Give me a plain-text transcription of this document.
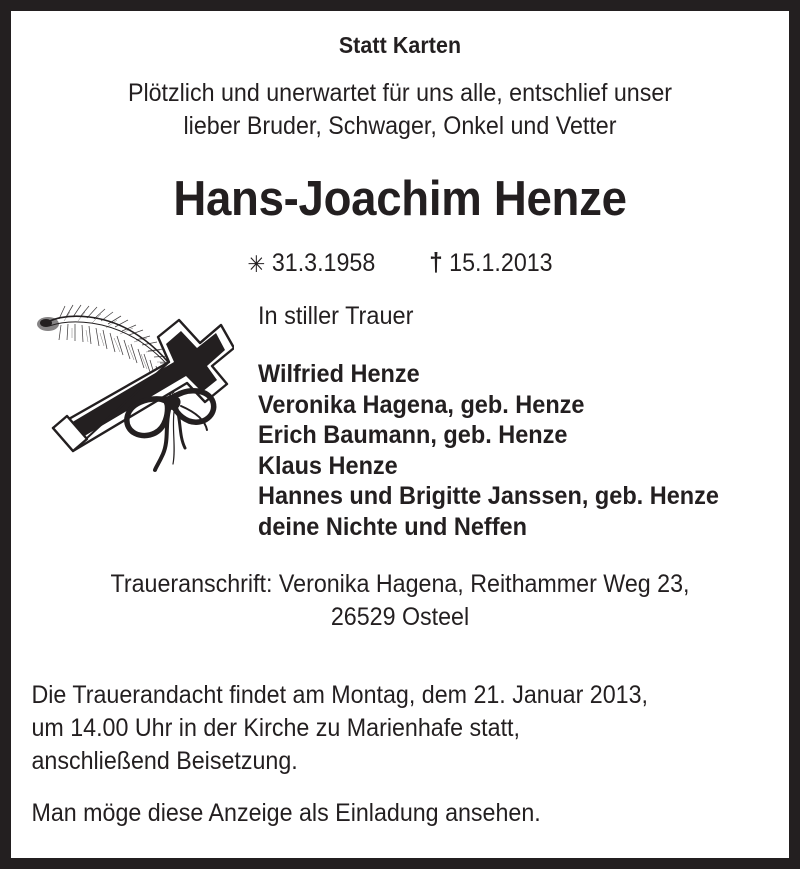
Statt Karten
Plötzlich und unerwartet für uns alle, entschlief unser
lieber Bruder, Schwager, Onkel und Vetter
Hans-Joachim Henze
✳ 31.3.1958 † 15.1.2013
In stiller Trauer
Wilfried Henze
Veronika Hagena, geb. Henze
Erich Baumann, geb. Henze
Klaus Henze
Hannes und Brigitte Janssen, geb. Henze
deine Nichte und Neffen
Traueranschrift: Veronika Hagena, Reithammer Weg 23,
26529 Osteel
Die Trauerandacht findet am Montag, dem 21. Januar 2013,
um 14.00 Uhr in der Kirche zu Marienhafe statt,
anschließend Beisetzung.
Man möge diese Anzeige als Einladung ansehen.
